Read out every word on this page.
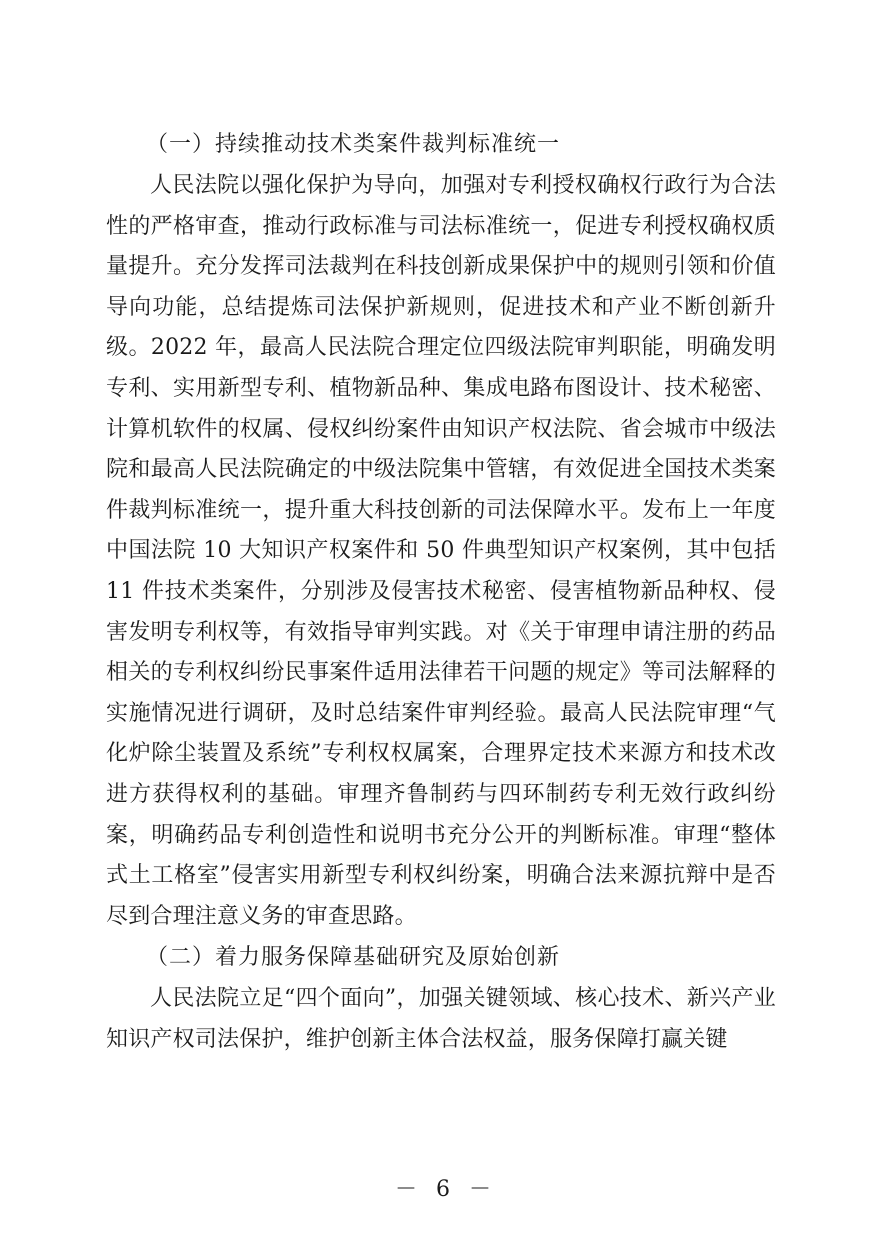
（一）持续推动技术类案件裁判标准统一

人民法院以强化保护为导向，加强对专利授权确权行政行为合法性的严格审查，推动行政标准与司法标准统一，促进专利授权确权质量提升。充分发挥司法裁判在科技创新成果保护中的规则引领和价值导向功能，总结提炼司法保护新规则，促进技术和产业不断创新升级。2022 年，最高人民法院合理定位四级法院审判职能，明确发明专利、实用新型专利、植物新品种、集成电路布图设计、技术秘密、计算机软件的权属、侵权纠纷案件由知识产权法院、省会城市中级法院和最高人民法院确定的中级法院集中管辖，有效促进全国技术类案件裁判标准统一，提升重大科技创新的司法保障水平。发布上一年度中国法院 10 大知识产权案件和 50 件典型知识产权案例，其中包括 11 件技术类案件，分别涉及侵害技术秘密、侵害植物新品种权、侵害发明专利权等，有效指导审判实践。对《关于审理申请注册的药品相关的专利权纠纷民事案件适用法律若干问题的规定》等司法解释的实施情况进行调研，及时总结案件审判经验。最高人民法院审理“气化炉除尘装置及系统”专利权权属案，合理界定技术来源方和技术改进方获得权利的基础。审理齐鲁制药与四环制药专利无效行政纠纷案，明确药品专利创造性和说明书充分公开的判断标准。审理“整体式土工格室”侵害实用新型专利权纠纷案，明确合法来源抗辩中是否尽到合理注意义务的审查思路。

（二）着力服务保障基础研究及原始创新

人民法院立足“四个面向”，加强关键领域、核心技术、新兴产业知识产权司法保护，维护创新主体合法权益，服务保障打赢关键

－ 6 －
